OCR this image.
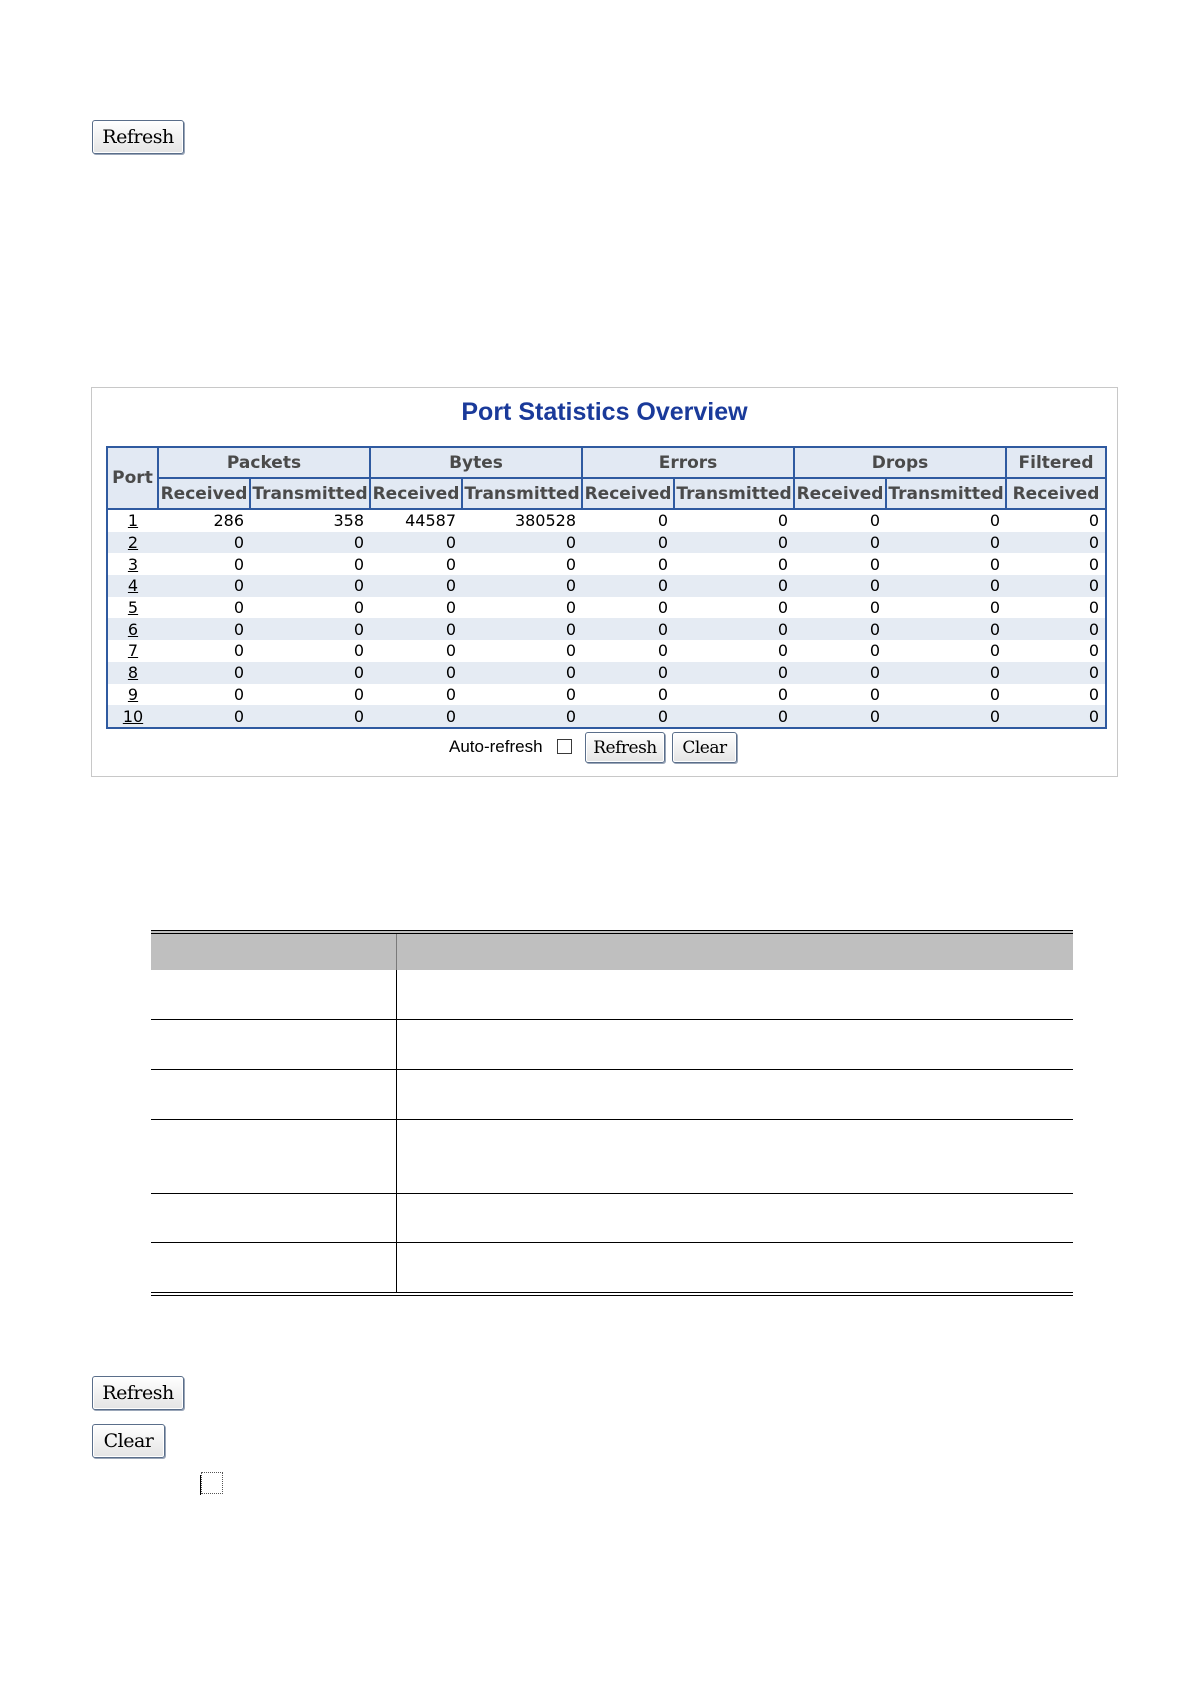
Refresh
Port Statistics Overview
Port	Packets		Bytes		Errors		Drops		Filtered
	Received	Transmitted	Received	Transmitted	Received	Transmitted	Received	Transmitted	Received
1	286	358	44587	380528	0	0	0	0	0
2	0	0	0	0	0	0	0	0	0
3	0	0	0	0	0	0	0	0	0
4	0	0	0	0	0	0	0	0	0
5	0	0	0	0	0	0	0	0	0
6	0	0	0	0	0	0	0	0	0
7	0	0	0	0	0	0	0	0	0
8	0	0	0	0	0	0	0	0	0
9	0	0	0	0	0	0	0	0	0
10	0	0	0	0	0	0	0	0	0
Auto-refresh	Refresh	Clear
Refresh
Clear
